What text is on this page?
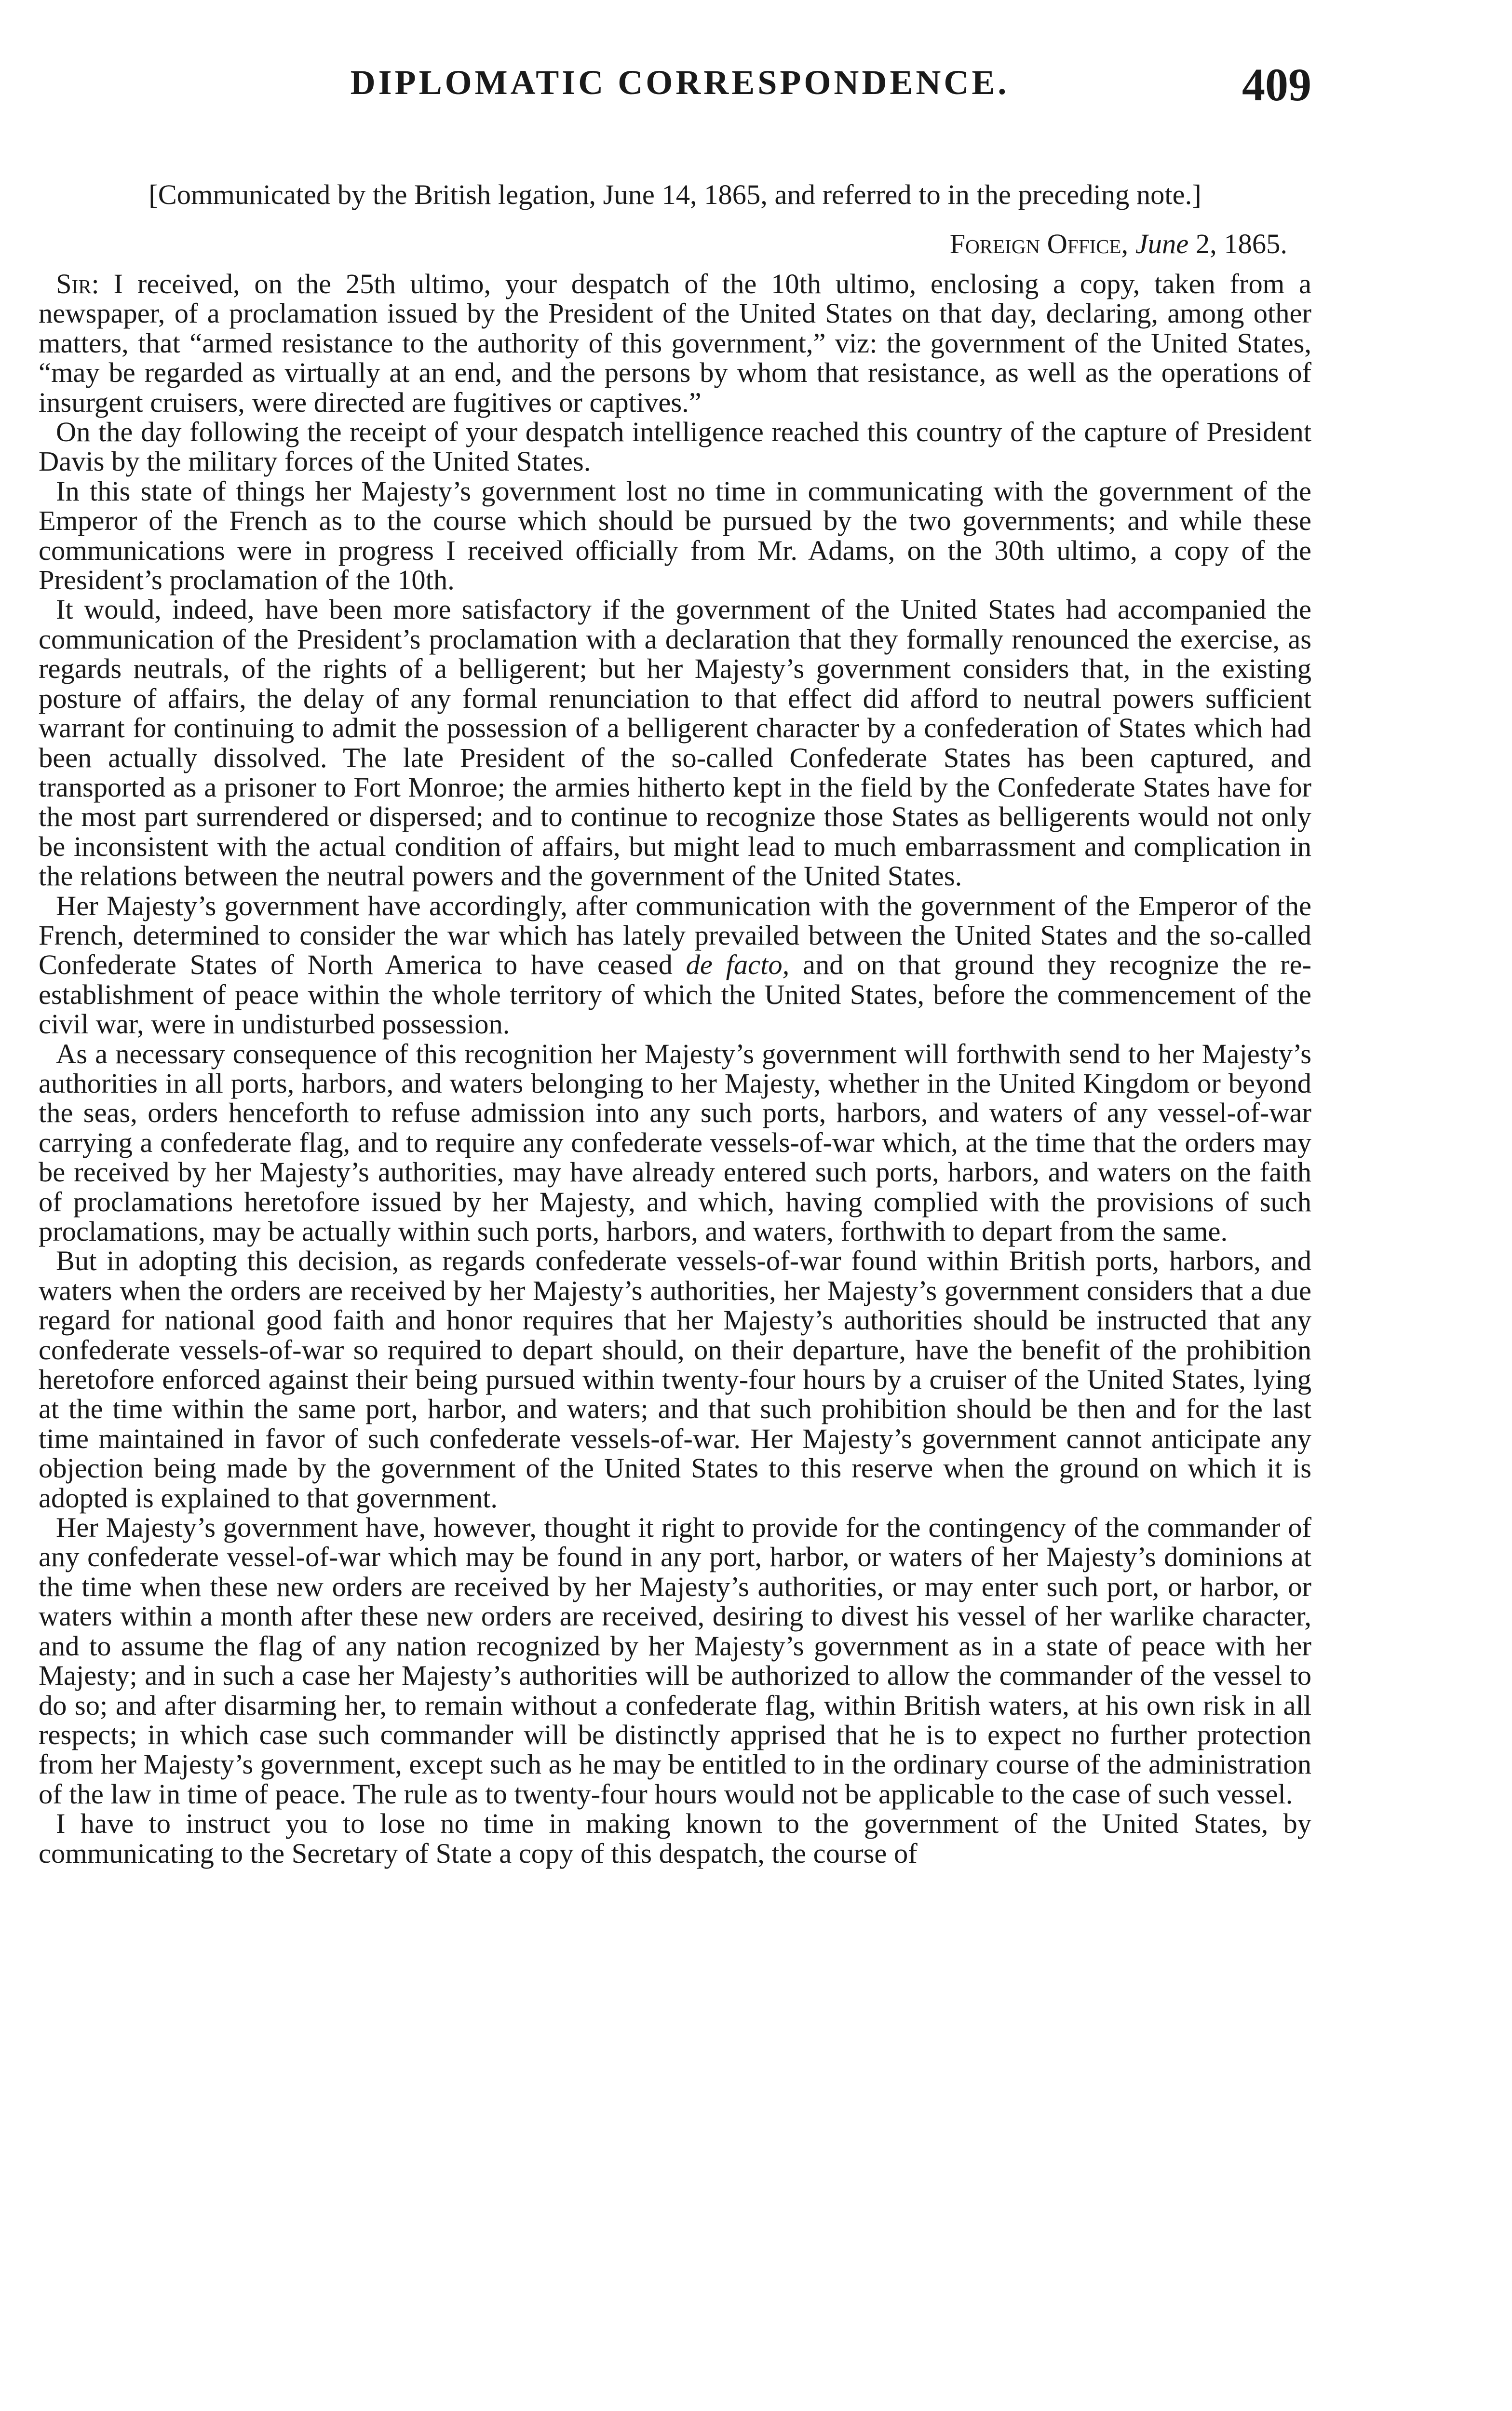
DIPLOMATIC CORRESPONDENCE.	409

[Communicated by the British legation, June 14, 1865, and referred to in the preceding note.]

Foreign Office, June 2, 1865.

Sir: I received, on the 25th ultimo, your despatch of the 10th ultimo, enclosing a copy, taken from a newspaper, of a proclamation issued by the President of the United States on that day, declaring, among other matters, that “armed resistance to the authority of this government,” viz: the government of the United States, “may be regarded as virtually at an end, and the persons by whom that resistance, as well as the operations of insurgent cruisers, were directed are fugitives or captives.”

On the day following the receipt of your despatch intelligence reached this country of the capture of President Davis by the military forces of the United States.

In this state of things her Majesty’s government lost no time in communicating with the government of the Emperor of the French as to the course which should be pursued by the two governments; and while these communications were in progress I received officially from Mr. Adams, on the 30th ultimo, a copy of the President’s proclamation of the 10th.

It would, indeed, have been more satisfactory if the government of the United States had accompanied the communication of the President’s proclamation with a declaration that they formally renounced the exercise, as regards neutrals, of the rights of a belligerent; but her Majesty’s government considers that, in the existing posture of affairs, the delay of any formal renunciation to that effect did afford to neutral powers sufficient warrant for continuing to admit the possession of a belligerent character by a confederation of States which had been actually dissolved. The late President of the so-called Confederate States has been captured, and transported as a prisoner to Fort Monroe; the armies hitherto kept in the field by the Confederate States have for the most part surrendered or dispersed; and to continue to recognize those States as belligerents would not only be inconsistent with the actual condition of affairs, but might lead to much embarrassment and complication in the relations between the neutral powers and the government of the United States.

Her Majesty’s government have accordingly, after communication with the government of the Emperor of the French, determined to consider the war which has lately prevailed between the United States and the so-called Confederate States of North America to have ceased de facto, and on that ground they recognize the re-establishment of peace within the whole territory of which the United States, before the commencement of the civil war, were in undisturbed possession.

As a necessary consequence of this recognition her Majesty’s government will forthwith send to her Majesty’s authorities in all ports, harbors, and waters belonging to her Majesty, whether in the United Kingdom or beyond the seas, orders henceforth to refuse admission into any such ports, harbors, and waters of any vessel-of-war carrying a confederate flag, and to require any confederate vessels-of-war which, at the time that the orders may be received by her Majesty’s authorities, may have already entered such ports, harbors, and waters on the faith of proclamations heretofore issued by her Majesty, and which, having complied with the provisions of such proclamations, may be actually within such ports, harbors, and waters, forthwith to depart from the same.

But in adopting this decision, as regards confederate vessels-of-war found within British ports, harbors, and waters when the orders are received by her Majesty’s authorities, her Majesty’s government considers that a due regard for national good faith and honor requires that her Majesty’s authorities should be instructed that any confederate vessels-of-war so required to depart should, on their departure, have the benefit of the prohibition heretofore enforced against their being pursued within twenty-four hours by a cruiser of the United States, lying at the time within the same port, harbor, and waters; and that such prohibition should be then and for the last time maintained in favor of such confederate vessels-of-war. Her Majesty’s government cannot anticipate any objection being made by the government of the United States to this reserve when the ground on which it is adopted is explained to that government.

Her Majesty’s government have, however, thought it right to provide for the contingency of the commander of any confederate vessel-of-war which may be found in any port, harbor, or waters of her Majesty’s dominions at the time when these new orders are received by her Majesty’s authorities, or may enter such port, or harbor, or waters within a month after these new orders are received, desiring to divest his vessel of her warlike character, and to assume the flag of any nation recognized by her Majesty’s government as in a state of peace with her Majesty; and in such a case her Majesty’s authorities will be authorized to allow the commander of the vessel to do so; and after disarming her, to remain without a confederate flag, within British waters, at his own risk in all respects; in which case such commander will be distinctly apprised that he is to expect no further protection from her Majesty’s government, except such as he may be entitled to in the ordinary course of the administration of the law in time of peace. The rule as to twenty-four hours would not be applicable to the case of such vessel.

I have to instruct you to lose no time in making known to the government of the United States, by communicating to the Secretary of State a copy of this despatch, the course of
